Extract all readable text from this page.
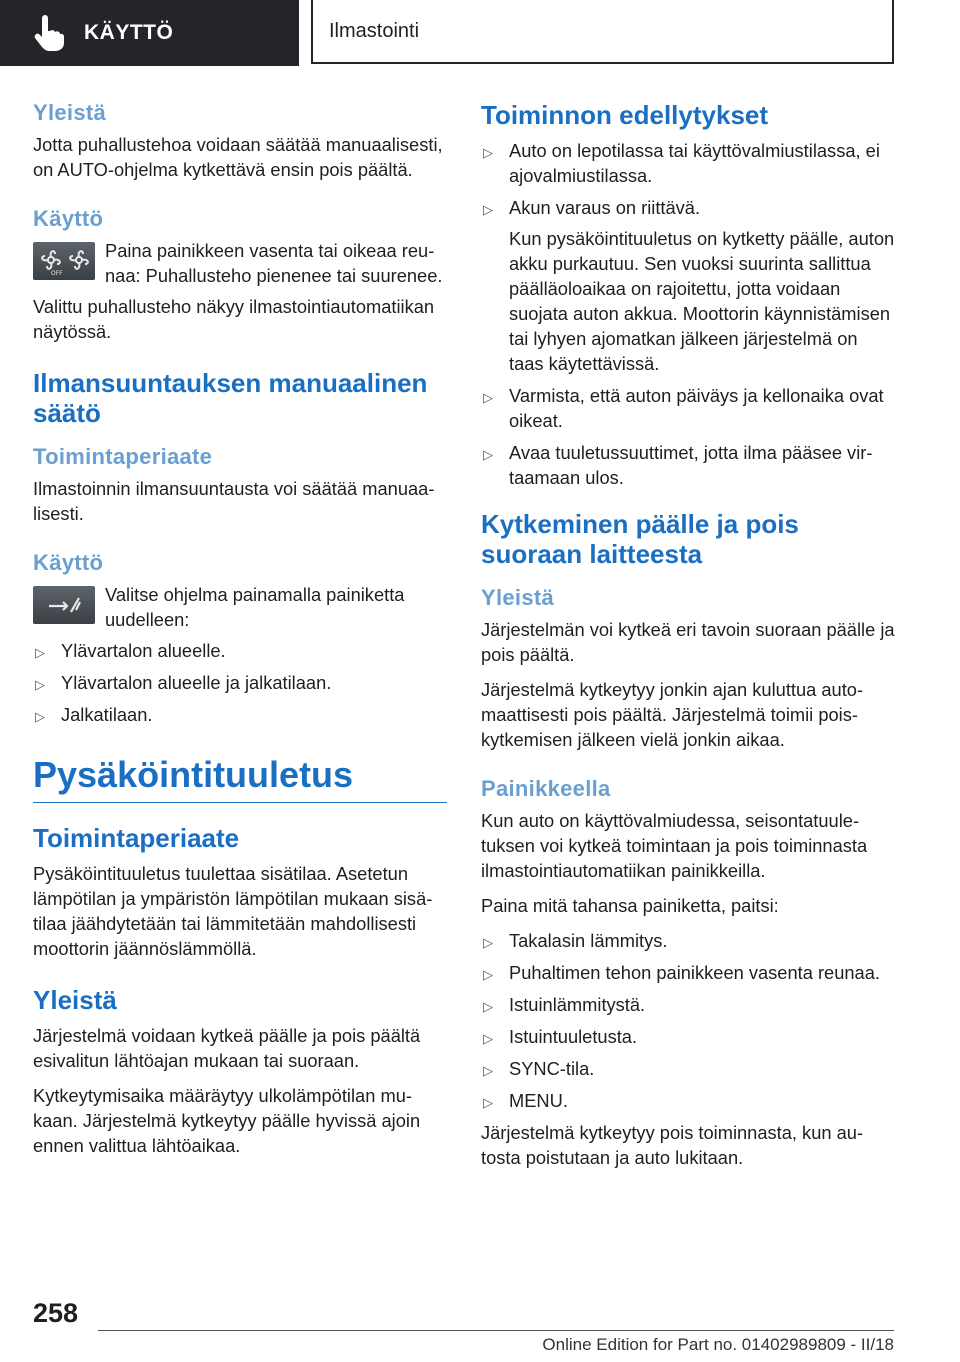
KÄYTTÖ	Ilmastointi
Yleistä

Jotta puhallustehoa voidaan säätää manuaalisesti, on AUTO-ohjelma kytkettävä ensin pois päältä.

Käyttö
OFF
Paina painikkeen vasenta tai oikeaa reunaa: Puhallusteho pienenee tai suurenee.

Valittu puhallusteho näkyy ilmastointiautomatiikan näytössä.

Ilmansuuntauksen manuaalinen säätö
Toimintaperiaate

Ilmastoinnin ilmansuuntausta voi säätää manuaalisesti.

Käyttö
Valitse ohjelma painamalla painiketta uudelleen:
▷ Ylävartalon alueelle.
▷ Ylävartalon alueelle ja jalkatilaan.
▷ Jalkatilaan.
Pysäköintituuletus
Toimintaperiaate

Pysäköintituuletus tuulettaa sisätilaa. Asetetun lämpötilan ja ympäristön lämpötilan mukaan sisätilaa jäähdytetään tai lämmitetään mahdollisesti moottorin jäännöslämmöllä.

Yleistä

Järjestelmä voidaan kytkeä päälle ja pois päältä esivalitun lähtöajan mukaan tai suoraan.

Kytkeytymisaika määräytyy ulkolämpötilan mukaan. Järjestelmä kytkeytyy päälle hyvissä ajoin ennen valittua lähtöaikaa.

Toiminnon edellytykset
▷ Auto on lepotilassa tai käyttövalmiustilassa, ei ajovalmiustilassa.
▷ Akun varaus on riittävä.
Kun pysäköintituuletus on kytketty päälle, auton akku purkautuu. Sen vuoksi suurinta sallittua päälläoloaikaa on rajoitettu, jotta voidaan suojata auton akkua. Moottorin käynnistämisen tai lyhyen ajomatkan jälkeen järjestelmä on taas käytettävissä.
▷ Varmista, että auton päiväys ja kellonaika ovat oikeat.
▷ Avaa tuuletussuuttimet, jotta ilma pääsee virtaamaan ulos.
Kytkeminen päälle ja pois suoraan laitteesta
Yleistä

Järjestelmän voi kytkeä eri tavoin suoraan päälle ja pois päältä.

Järjestelmä kytkeytyy jonkin ajan kuluttua automaattisesti pois päältä. Järjestelmä toimii poiskytkemisen jälkeen vielä jonkin aikaa.

Painikkeella

Kun auto on käyttövalmiudessa, seisontatuuletuksen voi kytkeä toimintaan ja pois toiminnasta ilmastointiautomatiikan painikkeilla.

Paina mitä tahansa painiketta, paitsi:

▷ Takalasin lämmitys.
▷ Puhaltimen tehon painikkeen vasenta reunaa.
▷ Istuinlämmitystä.
▷ Istuintuuletusta.
▷ SYNC-tila.
▷ MENU.

Järjestelmä kytkeytyy pois toiminnasta, kun autosta poistutaan ja auto lukitaan.

258
Online Edition for Part no. 01402989809 - II/18
